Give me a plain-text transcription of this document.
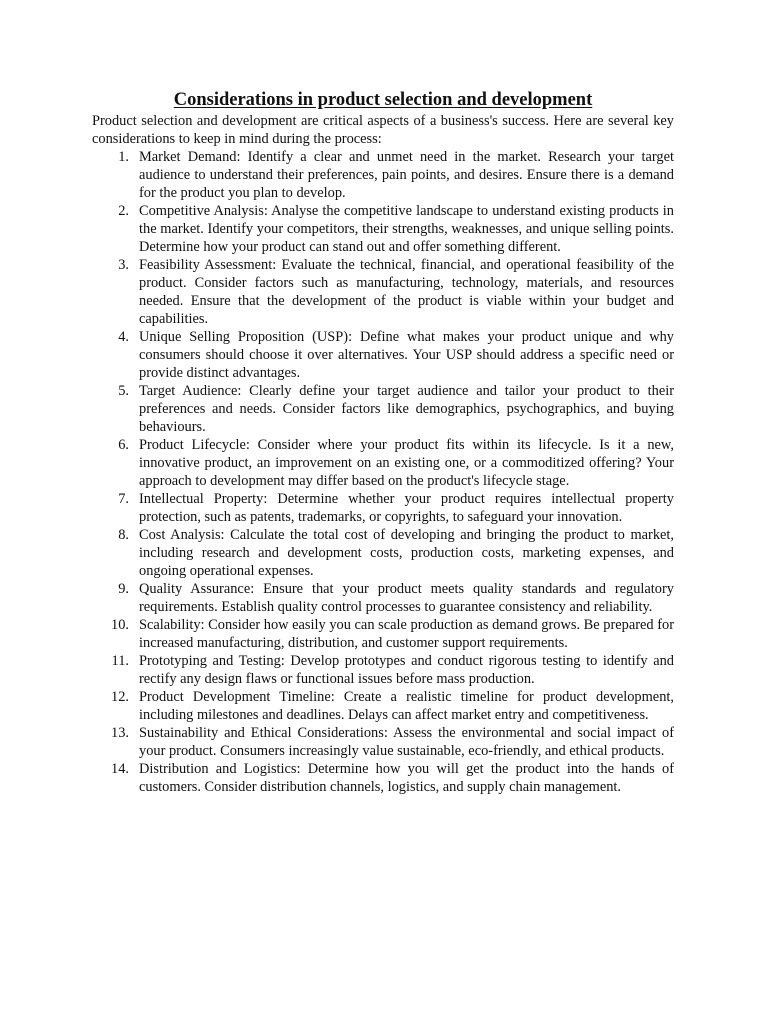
Considerations in product selection and development

Product selection and development are critical aspects of a business's success. Here are several key considerations to keep in mind during the process:

1. Market Demand: Identify a clear and unmet need in the market. Research your target audience to understand their preferences, pain points, and desires. Ensure there is a demand for the product you plan to develop.
2. Competitive Analysis: Analyse the competitive landscape to understand existing products in the market. Identify your competitors, their strengths, weaknesses, and unique selling points. Determine how your product can stand out and offer something different.
3. Feasibility Assessment: Evaluate the technical, financial, and operational feasibility of the product. Consider factors such as manufacturing, technology, materials, and resources needed. Ensure that the development of the product is viable within your budget and capabilities.
4. Unique Selling Proposition (USP): Define what makes your product unique and why consumers should choose it over alternatives. Your USP should address a specific need or provide distinct advantages.
5. Target Audience: Clearly define your target audience and tailor your product to their preferences and needs. Consider factors like demographics, psychographics, and buying behaviours.
6. Product Lifecycle: Consider where your product fits within its lifecycle. Is it a new, innovative product, an improvement on an existing one, or a commoditized offering? Your approach to development may differ based on the product's lifecycle stage.
7. Intellectual Property: Determine whether your product requires intellectual property protection, such as patents, trademarks, or copyrights, to safeguard your innovation.
8. Cost Analysis: Calculate the total cost of developing and bringing the product to market, including research and development costs, production costs, marketing expenses, and ongoing operational expenses.
9. Quality Assurance: Ensure that your product meets quality standards and regulatory requirements. Establish quality control processes to guarantee consistency and reliability.
10. Scalability: Consider how easily you can scale production as demand grows. Be prepared for increased manufacturing, distribution, and customer support requirements.
11. Prototyping and Testing: Develop prototypes and conduct rigorous testing to identify and rectify any design flaws or functional issues before mass production.
12. Product Development Timeline: Create a realistic timeline for product development, including milestones and deadlines. Delays can affect market entry and competitiveness.
13. Sustainability and Ethical Considerations: Assess the environmental and social impact of your product. Consumers increasingly value sustainable, eco-friendly, and ethical products.
14. Distribution and Logistics: Determine how you will get the product into the hands of customers. Consider distribution channels, logistics, and supply chain management.
